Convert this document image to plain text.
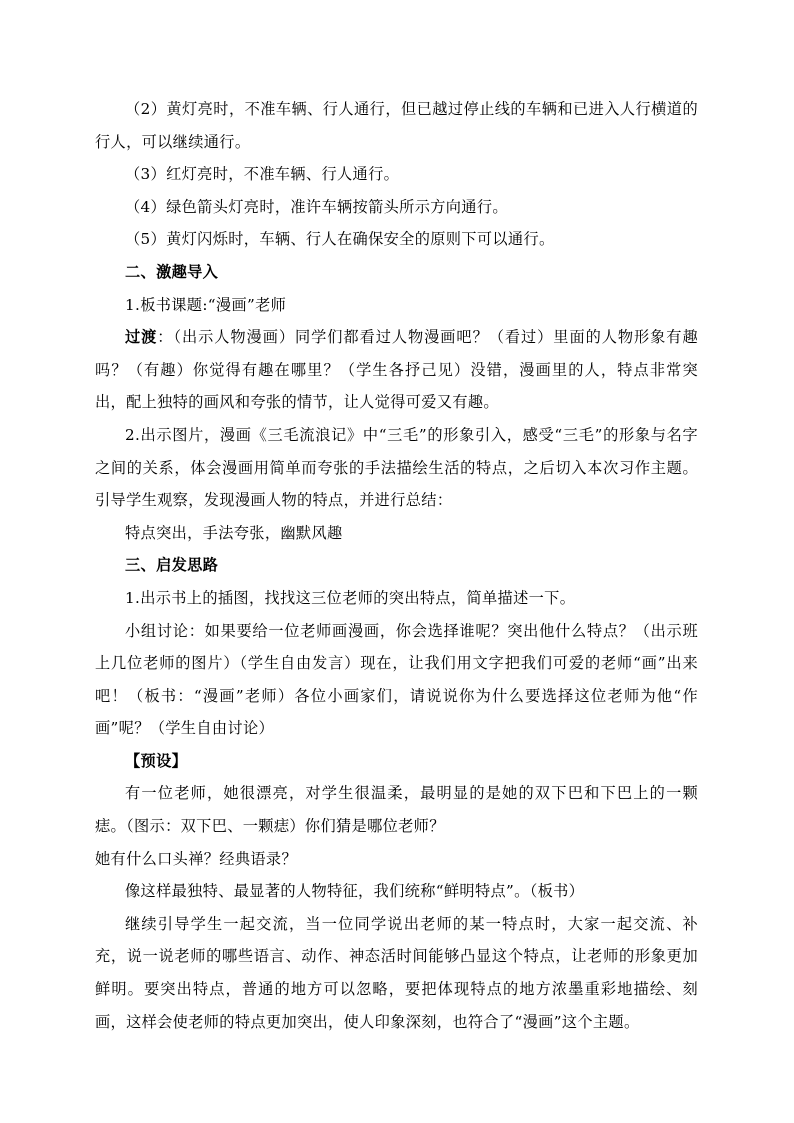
（2）黄灯亮时，不准车辆、行人通行，但已越过停止线的车辆和已进入人行横道的行人，可以继续通行。

（3）红灯亮时，不准车辆、行人通行。

（4）绿色箭头灯亮时，准许车辆按箭头所示方向通行。

（5）黄灯闪烁时，车辆、行人在确保安全的原则下可以通行。

二、激趣导入

1.板书课题:“漫画”老师

过渡：（出示人物漫画）同学们都看过人物漫画吧？（看过）里面的人物形象有趣吗？（有趣）你觉得有趣在哪里？（学生各抒己见）没错，漫画里的人，特点非常突出，配上独特的画风和夸张的情节，让人觉得可爱又有趣。

2.出示图片，漫画《三毛流浪记》中“三毛”的形象引入，感受“三毛”的形象与名字之间的关系，体会漫画用简单而夸张的手法描绘生活的特点，之后切入本次习作主题。引导学生观察，发现漫画人物的特点，并进行总结：

特点突出，手法夸张，幽默风趣

三、启发思路

1.出示书上的插图，找找这三位老师的突出特点，简单描述一下。

小组讨论：如果要给一位老师画漫画，你会选择谁呢？突出他什么特点？（出示班上几位老师的图片）（学生自由发言）现在，让我们用文字把我们可爱的老师“画”出来吧！（板书：“漫画”老师）各位小画家们，请说说你为什么要选择这位老师为他“作画”呢？（学生自由讨论）

【预设】

有一位老师，她很漂亮，对学生很温柔，最明显的是她的双下巴和下巴上的一颗痣。（图示：双下巴、一颗痣）你们猜是哪位老师？

她有什么口头禅？经典语录？

像这样最独特、最显著的人物特征，我们统称“鲜明特点”。（板书）

继续引导学生一起交流，当一位同学说出老师的某一特点时，大家一起交流、补充，说一说老师的哪些语言、动作、神态活时间能够凸显这个特点，让老师的形象更加鲜明。要突出特点，普通的地方可以忽略，要把体现特点的地方浓墨重彩地描绘、刻画，这样会使老师的特点更加突出，使人印象深刻，也符合了“漫画”这个主题。
